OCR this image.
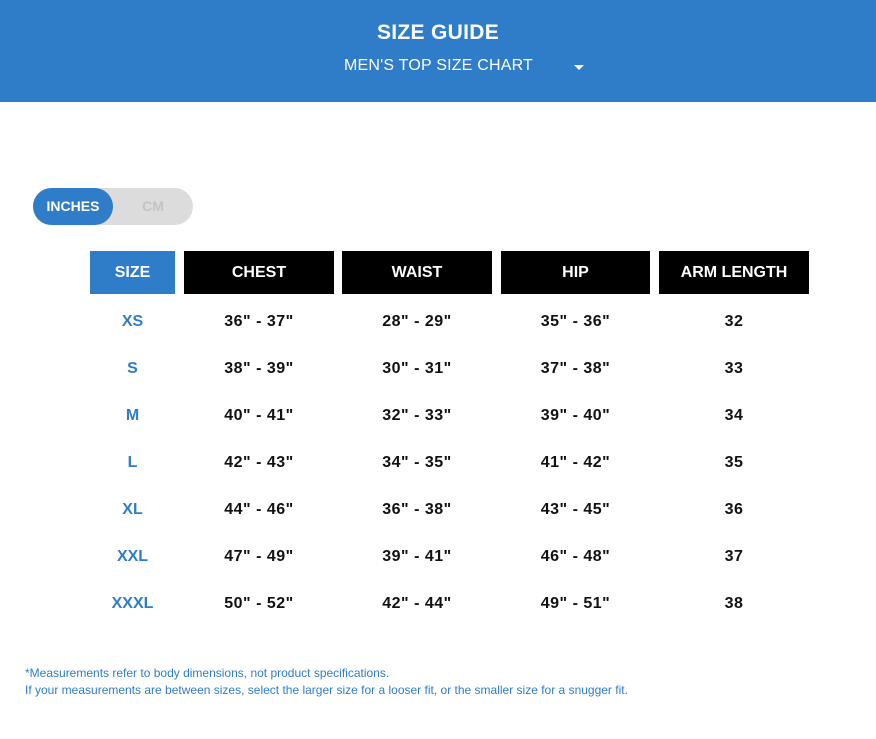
SIZE GUIDE
MEN'S TOP SIZE CHART
INCHES	CM
SIZE	CHEST	WAIST	HIP	ARM LENGTH
XS	36" - 37"	28" - 29"	35" - 36"	32
S	38" - 39"	30" - 31"	37" - 38"	33
M	40" - 41"	32" - 33"	39" - 40"	34
L	42" - 43"	34" - 35"	41" - 42"	35
XL	44" - 46"	36" - 38"	43" - 45"	36
XXL	47" - 49"	39" - 41"	46" - 48"	37
XXXL	50" - 52"	42" - 44"	49" - 51"	38
*Measurements refer to body dimensions, not product specifications.
If your measurements are between sizes, select the larger size for a looser fit, or the smaller size for a snugger fit.
